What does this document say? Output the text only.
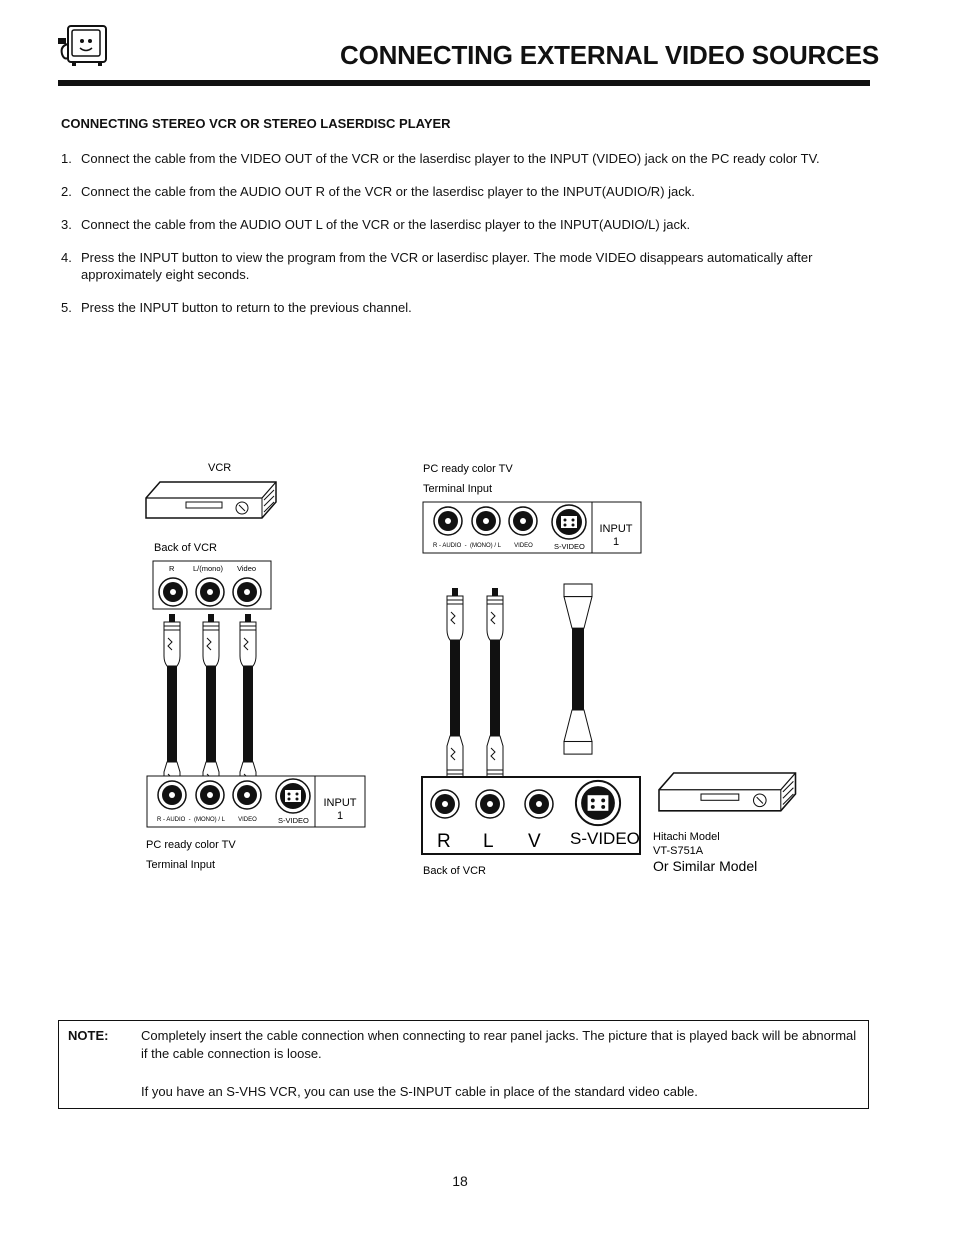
CONNECTING EXTERNAL VIDEO SOURCES
CONNECTING STEREO VCR OR STEREO LASERDISC PLAYER
1. Connect the cable from the VIDEO OUT of the VCR or the laserdisc player to the INPUT (VIDEO) jack on the PC ready color TV.
2. Connect the cable from the AUDIO OUT R of the VCR or the laserdisc player to the INPUT(AUDIO/R) jack.
3. Connect the cable from the AUDIO OUT L of the VCR or the laserdisc player to the INPUT(AUDIO/L) jack.
4. Press the INPUT button to view the program from the VCR or laserdisc player. The mode VIDEO disappears automatically after approximately eight seconds.
5. Press the INPUT button to return to the previous channel.
VCR
Back of VCR
R L/(mono) Video
R - AUDIO  -  (MONO) / L        VIDEO	S-VIDEO
INPUT
1
PC ready color TV
Terminal Input
PC ready color TV
Terminal Input
R - AUDIO  -  (MONO) / L        VIDEO	S-VIDEO
INPUT
1
R L V S-VIDEO
Back of VCR
Hitachi Model
VT-S751A
Or Similar Model
NOTE:	Completely insert the cable connection when connecting to rear panel jacks. The picture that is played back will be abnormal if the cable connection is loose.

If you have an S-VHS VCR, you can use the S-INPUT cable in place of the standard video cable.

18
